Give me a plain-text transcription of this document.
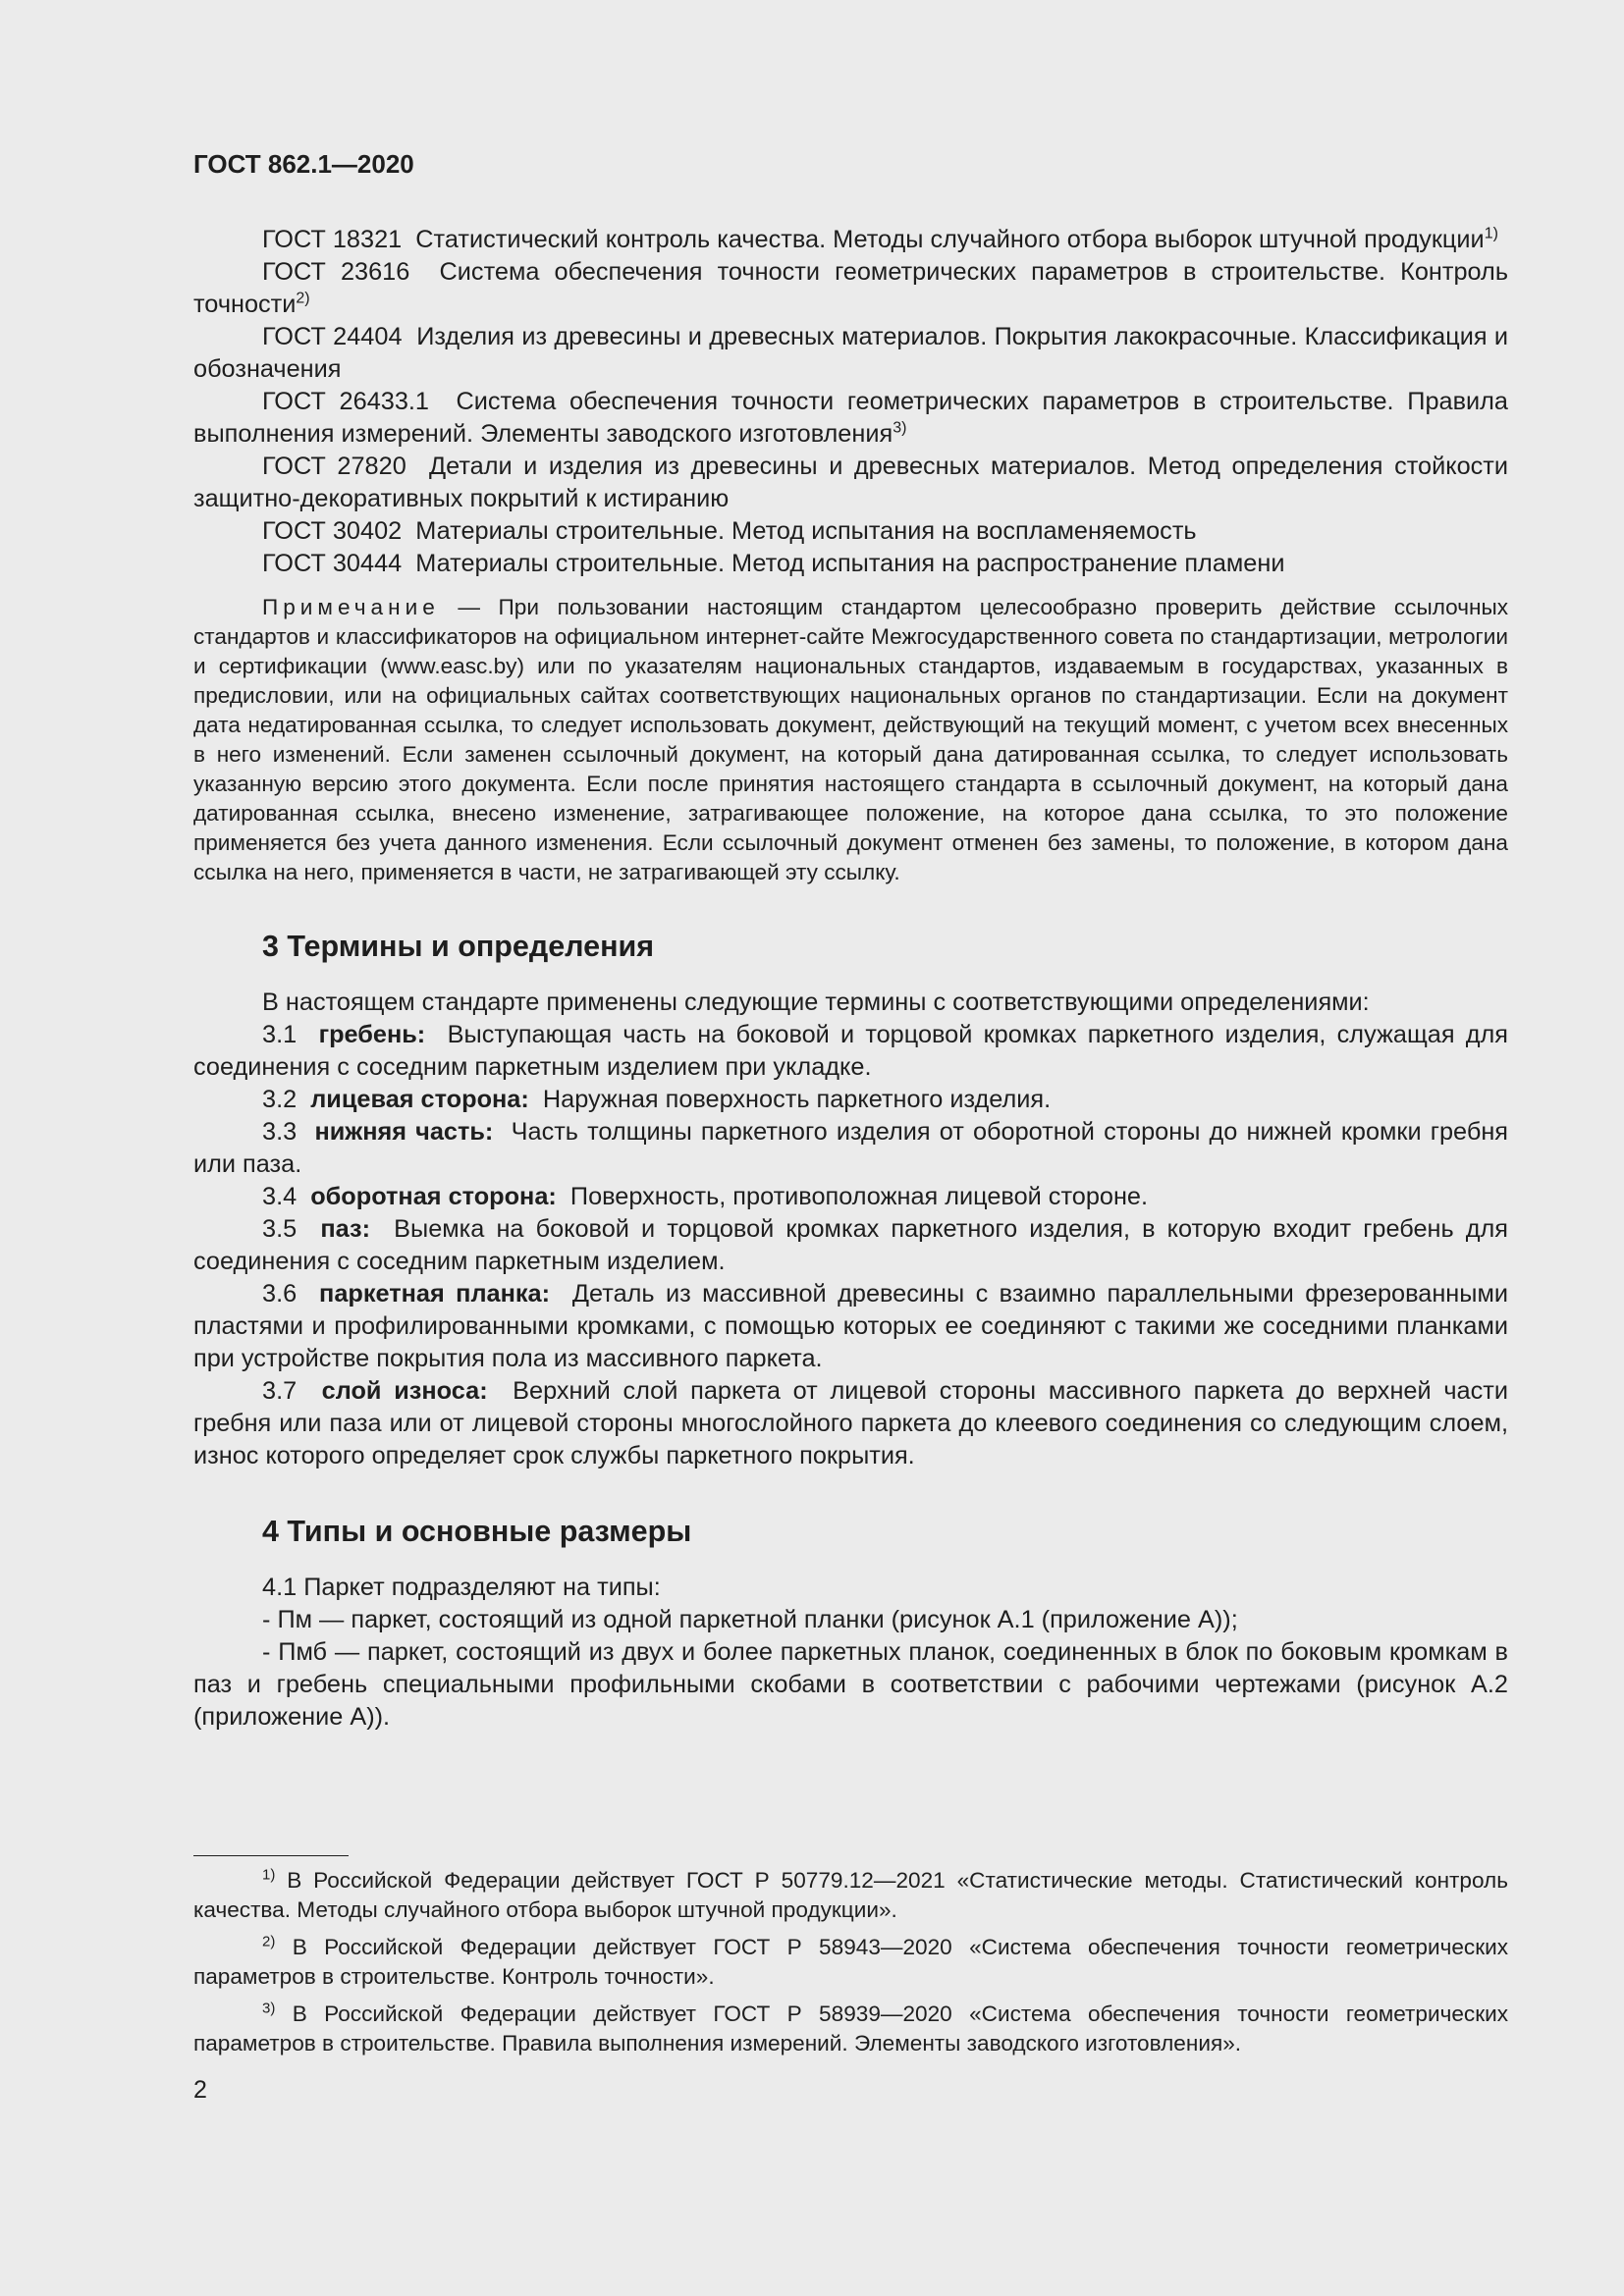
ГОСТ 862.1—2020

ГОСТ 18321 Статистический контроль качества. Методы случайного отбора выборок штучной продукции$^{1)}$

ГОСТ 23616 Система обеспечения точности геометрических параметров в строительстве. Контроль точности$^{2)}$

ГОСТ 24404 Изделия из древесины и древесных материалов. Покрытия лакокрасочные. Классификация и обозначения

ГОСТ 26433.1 Система обеспечения точности геометрических параметров в строительстве. Правила выполнения измерений. Элементы заводского изготовления$^{3)}$

ГОСТ 27820 Детали и изделия из древесины и древесных материалов. Метод определения стойкости защитно-декоративных покрытий к истиранию

ГОСТ 30402 Материалы строительные. Метод испытания на воспламеняемость

ГОСТ 30444 Материалы строительные. Метод испытания на распространение пламени

Примечание — При пользовании настоящим стандартом целесообразно проверить действие ссылочных стандартов и классификаторов на официальном интернет-сайте Межгосударственного совета по стандартизации, метрологии и сертификации (www.easc.by) или по указателям национальных стандартов, издаваемым в государствах, указанных в предисловии, или на официальных сайтах соответствующих национальных органов по стандартизации. Если на документ дата недатированная ссылка, то следует использовать документ, действующий на текущий момент, с учетом всех внесенных в него изменений. Если заменен ссылочный документ, на который дана датированная ссылка, то следует использовать указанную версию этого документа. Если после принятия настоящего стандарта в ссылочный документ, на который дана датированная ссылка, внесено изменение, затрагивающее положение, на которое дана ссылка, то это положение применяется без учета данного изменения. Если ссылочный документ отменен без замены, то положение, в котором дана ссылка на него, применяется в части, не затрагивающей эту ссылку.

3 Термины и определения

В настоящем стандарте применены следующие термины с соответствующими определениями:

3.1 гребень: Выступающая часть на боковой и торцовой кромках паркетного изделия, служащая для соединения с соседним паркетным изделием при укладке.

3.2 лицевая сторона: Наружная поверхность паркетного изделия.

3.3 нижняя часть: Часть толщины паркетного изделия от оборотной стороны до нижней кромки гребня или паза.

3.4 оборотная сторона: Поверхность, противоположная лицевой стороне.

3.5 паз: Выемка на боковой и торцовой кромках паркетного изделия, в которую входит гребень для соединения с соседним паркетным изделием.

3.6 паркетная планка: Деталь из массивной древесины с взаимно параллельными фрезерованными пластями и профилированными кромками, с помощью которых ее соединяют с такими же соседними планками при устройстве покрытия пола из массивного паркета.

3.7 слой износа: Верхний слой паркета от лицевой стороны массивного паркета до верхней части гребня или паза или от лицевой стороны многослойного паркета до клеевого соединения со следующим слоем, износ которого определяет срок службы паркетного покрытия.

4 Типы и основные размеры

4.1 Паркет подразделяют на типы:

- Пм — паркет, состоящий из одной паркетной планки (рисунок А.1 (приложение А));

- Пмб — паркет, состоящий из двух и более паркетных планок, соединенных в блок по боковым кромкам в паз и гребень специальными профильными скобами в соответствии с рабочими чертежами (рисунок А.2 (приложение А)).

$^{1)}$ В Российской Федерации действует ГОСТ Р 50779.12—2021 «Статистические методы. Статистический контроль качества. Методы случайного отбора выборок штучной продукции».

$^{2)}$ В Российской Федерации действует ГОСТ Р 58943—2020 «Система обеспечения точности геометрических параметров в строительстве. Контроль точности».

$^{3)}$ В Российской Федерации действует ГОСТ Р 58939—2020 «Система обеспечения точности геометрических параметров в строительстве. Правила выполнения измерений. Элементы заводского изготовления».

2
